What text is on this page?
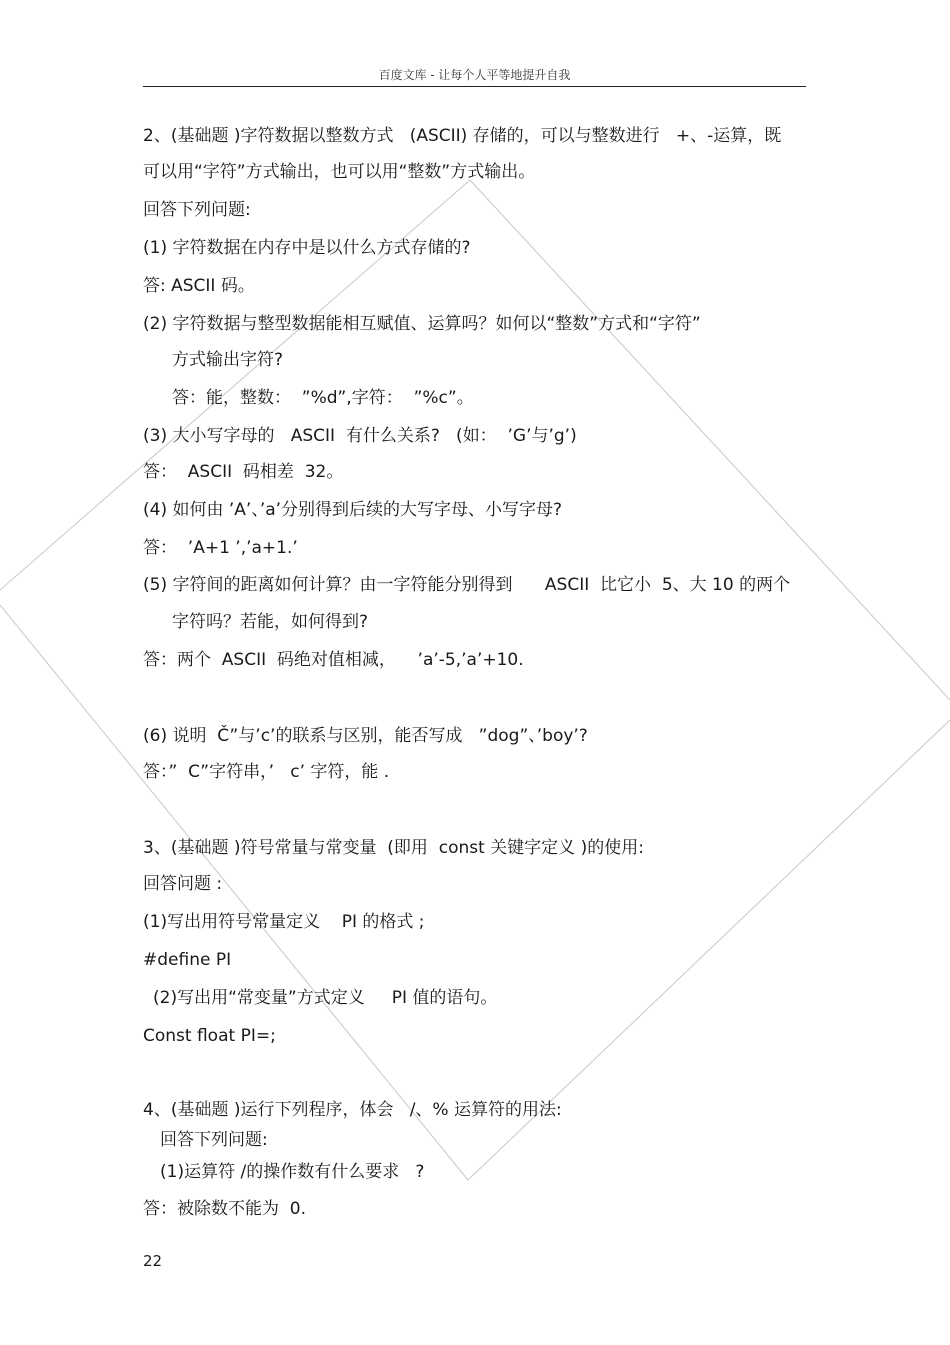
百度文库 - 让每个人平等地提升自我
2、(基础题 )字符数据以整数方式   (ASCII) 存储的，可以与整数进行   +、-运算，既
可以用“字符”方式输出，也可以用“整数”方式输出。
回答下列问题:
(1) 字符数据在内存中是以什么方式存储的?
答: ASCII 码。
(2) 字符数据与整型数据能相互赋值、运算吗？如何以“整数”方式和“字符”
方式输出字符?
答：能，整数：  ”%d”,字符：  ”%c”。
(3) 大小写字母的   ASCII  有什么关系?   (如：  ’G’与’g’)
答：  ASCII  码相差  32。
(4) 如何由 ’A’、’a’分别得到后续的大写字母、小写字母?
答：  ’A+1 ’,’a+1.’
(5) 字符间的距离如何计算？由一字符能分别得到      ASCII  比它小  5、大 10 的两个
字符吗？若能，如何得到?
答：两个  ASCII  码绝对值相减，    ’a’-5,’a’+10.
(6) 说明  Č”与’c’的联系与区别，能否写成   ”dog”、’boy’?
答：”  C”字符串，’   c’ 字符，能 .
3、(基础题 )符号常量与常变量  (即用  const 关键字定义 )的使用:
回答问题 :
(1)写出用符号常量定义    PI 的格式 ;
#define PI
(2)写出用“常变量”方式定义     PI 值的语句。
Const float PI=;
4、(基础题 )运行下列程序，体会   /、% 运算符的用法:
回答下列问题:
(1)运算符 /的操作数有什么要求   ?
答：被除数不能为  0.
22
